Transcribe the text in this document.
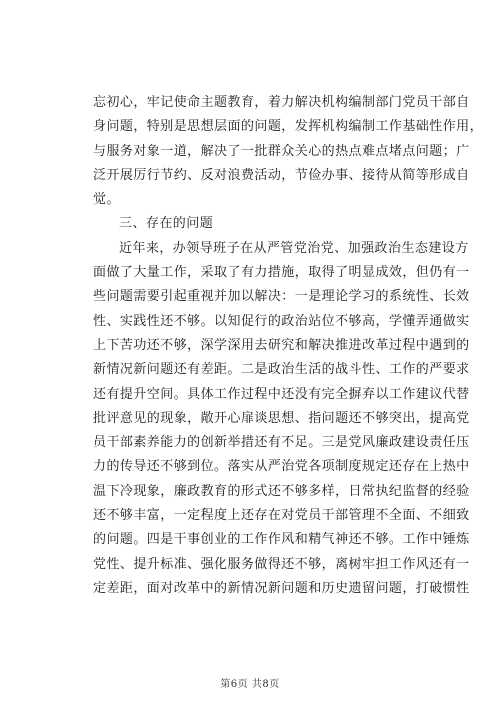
忘初心，牢记使命主题教育，着力解决机构编制部门党员干部自
身问题，特别是思想层面的问题，发挥机构编制工作基础性作用，
与服务对象一道，解决了一批群众关心的热点难点堵点问题；广
泛开展厉行节约、反对浪费活动，节俭办事、接待从简等形成自
觉。
三、存在的问题
近年来，办领导班子在从严管党治党、加强政治生态建设方
面做了大量工作，采取了有力措施，取得了明显成效，但仍有一
些问题需要引起重视并加以解决：一是理论学习的系统性、长效
性、实践性还不够。以知促行的政治站位不够高，学懂弄通做实
上下苦功还不够，深学深用去研究和解决推进改革过程中遇到的
新情况新问题还有差距。二是政治生活的战斗性、工作的严要求
还有提升空间。具体工作过程中还没有完全摒弃以工作建议代替
批评意见的现象，敞开心扉谈思想、指问题还不够突出，提高党
员干部素养能力的创新举措还有不足。三是党风廉政建设责任压
力的传导还不够到位。落实从严治党各项制度规定还存在上热中
温下冷现象，廉政教育的形式还不够多样，日常执纪监督的经验
还不够丰富，一定程度上还存在对党员干部管理不全面、不细致
的问题。四是干事创业的工作作风和精气神还不够。工作中锤炼
党性、提升标准、强化服务做得还不够，离树牢担工作风还有一
定差距，面对改革中的新情况新问题和历史遗留问题，打破惯性
第6页 共8页
